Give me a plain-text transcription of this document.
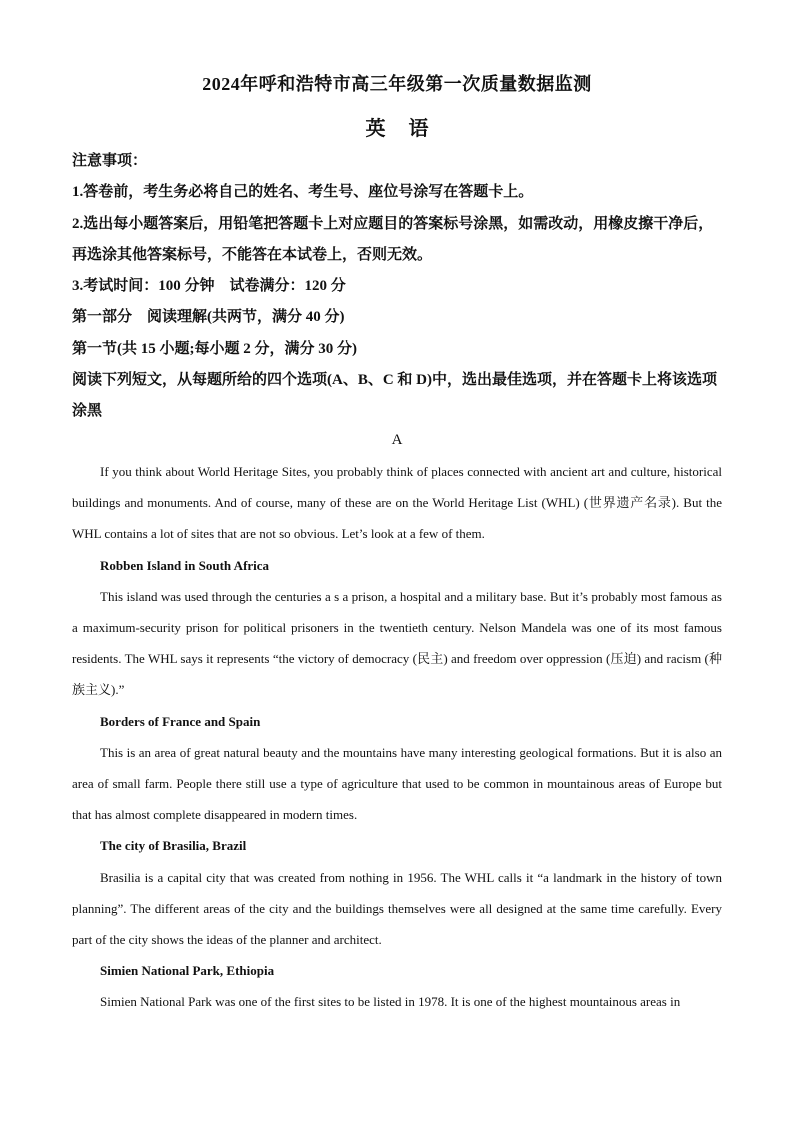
2024年呼和浩特市高三年级第一次质量数据监测
英 语

注意事项：

1.答卷前，考生务必将自己的姓名、考生号、座位号涂写在答题卡上。

2.选出每小题答案后，用铅笔把答题卡上对应题目的答案标号涂黑，如需改动，用橡皮擦干净后，再选涂其他答案标号，不能答在本试卷上，否则无效。

3.考试时间：100 分钟　试卷满分：120 分

第一部分　阅读理解(共两节，满分 40 分)

第一节(共 15 小题;每小题 2 分，满分 30 分)

阅读下列短文，从每题所给的四个选项(A、B、C 和 D)中，选出最佳选项，并在答题卡上将该选项涂黑

A

If you think about World Heritage Sites, you probably think of places connected with ancient art and culture, historical buildings and monuments. And of course, many of these are on the World Heritage List (WHL) (世界遗产名录). But the WHL contains a lot of sites that are not so obvious. Let’s look at a few of them.

Robben Island in South Africa

This island was used through the centuries a s a prison, a hospital and a military base. But it’s probably most famous as a maximum-security prison for political prisoners in the twentieth century. Nelson Mandela was one of its most famous residents. The WHL says it represents “the victory of democracy (民主) and freedom over oppression (压迫) and racism (种族主义).”

Borders of France and Spain

This is an area of great natural beauty and the mountains have many interesting geological formations. But it is also an area of small farm. People there still use a type of agriculture that used to be common in mountainous areas of Europe but that has almost complete disappeared in modern times.

The city of Brasilia, Brazil

Brasilia is a capital city that was created from nothing in 1956. The WHL calls it “a landmark in the history of town planning”. The different areas of the city and the buildings themselves were all designed at the same time carefully. Every part of the city shows the ideas of the planner and architect.

Simien National Park, Ethiopia

Simien National Park was one of the first sites to be listed in 1978. It is one of the highest mountainous areas in
